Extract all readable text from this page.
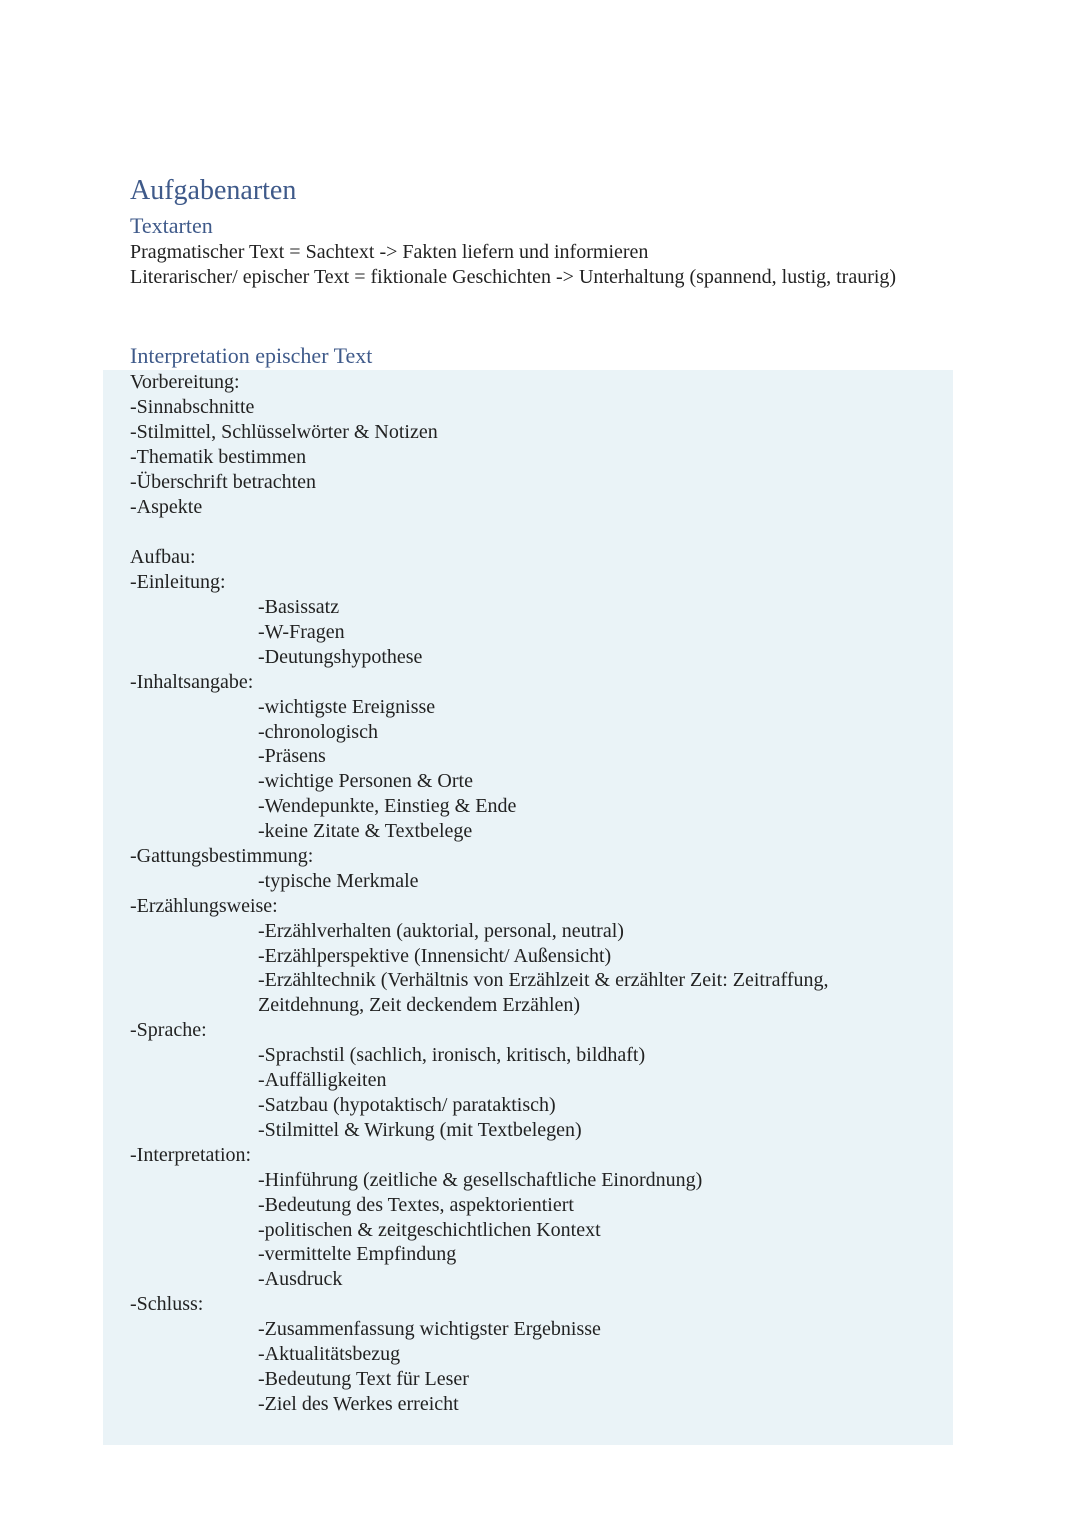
Aufgabenarten
Textarten
Pragmatischer Text = Sachtext -> Fakten liefern und informieren
Literarischer/ epischer Text = fiktionale Geschichten -> Unterhaltung (spannend, lustig, traurig)
Interpretation epischer Text
Vorbereitung:
-Sinnabschnitte
-Stilmittel, Schlüsselwörter & Notizen
-Thematik bestimmen
-Überschrift betrachten
-Aspekte
Aufbau:
-Einleitung:
-Basissatz
-W-Fragen
-Deutungshypothese
-Inhaltsangabe:
-wichtigste Ereignisse
-chronologisch
-Präsens
-wichtige Personen & Orte
-Wendepunkte, Einstieg & Ende
-keine Zitate & Textbelege
-Gattungsbestimmung:
-typische Merkmale
-Erzählungsweise:
-Erzählverhalten (auktorial, personal, neutral)
-Erzählperspektive (Innensicht/ Außensicht)
-Erzähltechnik (Verhältnis von Erzählzeit & erzählter Zeit: Zeitraffung, Zeitdehnung, Zeit deckendem Erzählen)
-Sprache:
-Sprachstil (sachlich, ironisch, kritisch, bildhaft)
-Auffälligkeiten
-Satzbau (hypotaktisch/ parataktisch)
-Stilmittel & Wirkung (mit Textbelegen)
-Interpretation:
-Hinführung (zeitliche & gesellschaftliche Einordnung)
-Bedeutung des Textes, aspektorientiert
-politischen & zeitgeschichtlichen Kontext
-vermittelte Empfindung
-Ausdruck
-Schluss:
-Zusammenfassung wichtigster Ergebnisse
-Aktualitätsbezug
-Bedeutung Text für Leser
-Ziel des Werkes erreicht
